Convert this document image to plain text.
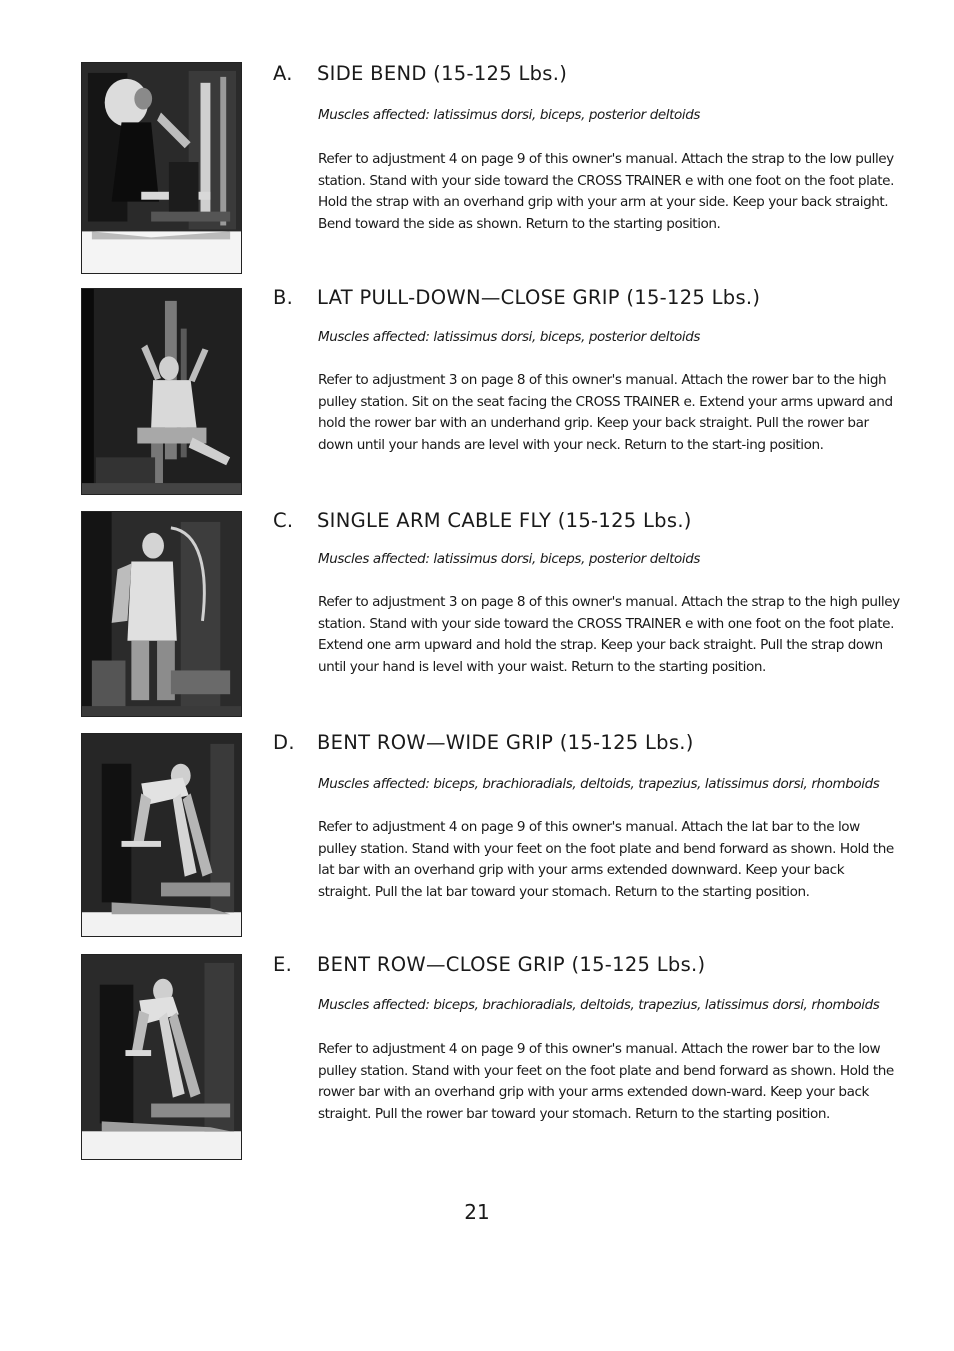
A. SIDE BEND (15-125 Lbs.)
Muscles affected: latissimus dorsi, biceps, posterior deltoids

Refer to adjustment 4 on page 9 of this owner's manual. Attach the strap to the low pulley station. Stand with your side toward the CROSS TRAINER e with one foot on the foot plate. Hold the strap with an overhand grip with your arm at your side. Keep your back straight. Bend toward the side as shown. Return to the starting position.

B. LAT PULL-DOWN—CLOSE GRIP (15-125 Lbs.)
Muscles affected: latissimus dorsi, biceps, posterior deltoids

Refer to adjustment 3 on page 8 of this owner's manual. Attach the rower bar to the high pulley station. Sit on the seat facing the CROSS TRAINER e. Extend your arms upward and hold the rower bar with an underhand grip. Keep your back straight. Pull the rower bar down until your hands are level with your neck. Return to the start-ing position.

C. SINGLE ARM CABLE FLY (15-125 Lbs.)
Muscles affected: latissimus dorsi, biceps, posterior deltoids

Refer to adjustment 3 on page 8 of this owner's manual. Attach the strap to the high pulley station. Stand with your side toward the CROSS TRAINER e with one foot on the foot plate. Extend one arm upward and hold the strap. Keep your back straight. Pull the strap down until your hand is level with your waist. Return to the starting position.

D. BENT ROW—WIDE GRIP (15-125 Lbs.)
Muscles affected: biceps, brachioradials, deltoids, trapezius, latissimus dorsi, rhomboids

Refer to adjustment 4 on page 9 of this owner's manual. Attach the lat bar to the low pulley station. Stand with your feet on the foot plate and bend forward as shown. Hold the lat bar with an overhand grip with your arms extended downward. Keep your back straight. Pull the lat bar toward your stomach. Return to the starting position.

E. BENT ROW—CLOSE GRIP (15-125 Lbs.)
Muscles affected: biceps, brachioradials, deltoids, trapezius, latissimus dorsi, rhomboids

Refer to adjustment 4 on page 9 of this owner's manual. Attach the rower bar to the low pulley station. Stand with your feet on the foot plate and bend forward as shown. Hold the rower bar with an overhand grip with your arms extended down-ward. Keep your back straight. Pull the rower bar toward your stomach. Return to the starting position.

21
